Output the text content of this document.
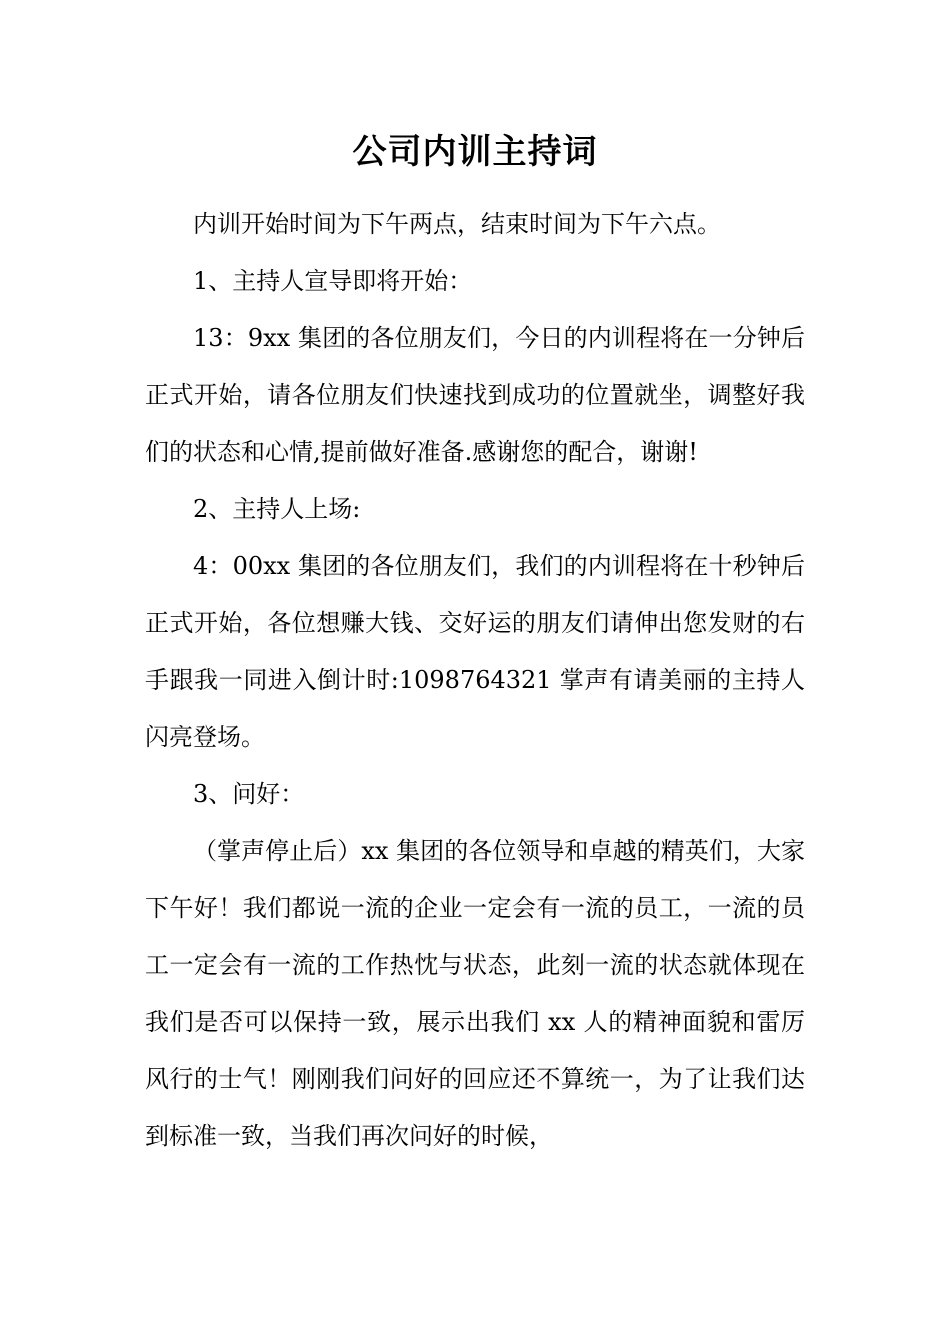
公司内训主持词

内训开始时间为下午两点，结束时间为下午六点。

1、主持人宣导即将开始：

13：9xx 集团的各位朋友们，今日的内训程将在一分钟后正式开始，请各位朋友们快速找到成功的位置就坐，调整好我们的状态和心情,提前做好准备.感谢您的配合，谢谢!

2、主持人上场:

4：00xx 集团的各位朋友们，我们的内训程将在十秒钟后正式开始，各位想赚大钱、交好运的朋友们请伸出您发财的右手跟我一同进入倒计时:1098764321 掌声有请美丽的主持人闪亮登场。

3、问好：

（掌声停止后）xx 集团的各位领导和卓越的精英们，大家下午好！我们都说一流的企业一定会有一流的员工，一流的员工一定会有一流的工作热忱与状态，此刻一流的状态就体现在我们是否可以保持一致，展示出我们 xx 人的精神面貌和雷厉风行的士气！刚刚我们问好的回应还不算统一，为了让我们达到标准一致，当我们再次问好的时候，
